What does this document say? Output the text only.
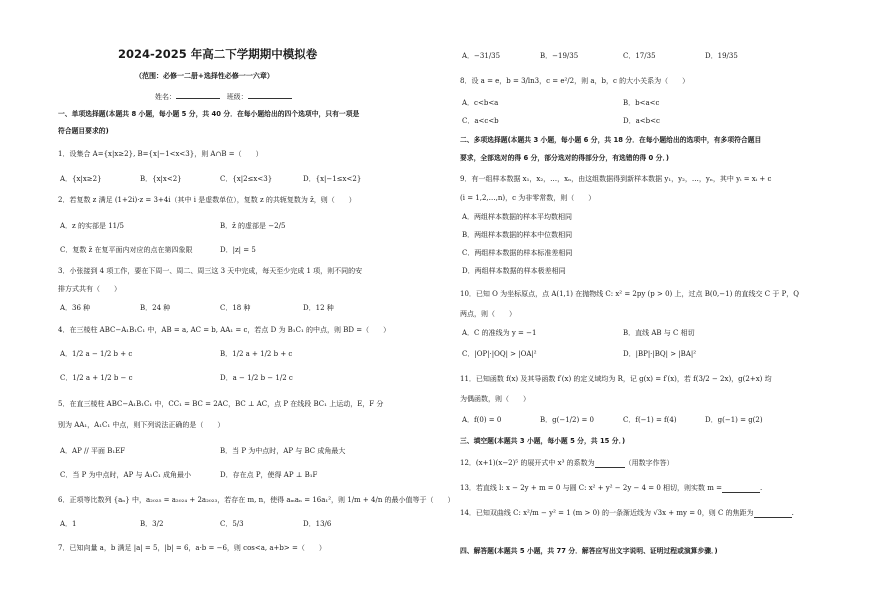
2024-2025 年高二下学期期中模拟卷
（范围：必修一二册+选择性必修一一六章）
姓名：	班级：
一、单项选择题(本题共 8 小题，每小题 5 分，共 40 分．在每小题给出的四个选项中，只有一项是
符合题目要求的)
1．设集合 A={x|x≥2}, B={x|−1<x<3}，则 A∩B =（　　）
A．{x|x≥2}	B．{x|x<2}	C．{x|2≤x<3}	D．{x|−1≤x<2}
2．若复数 z 满足 (1+2i)·z = 3+4i（其中 i 是虚数单位），复数 z 的共轭复数为 z̄，则（　　）
A．z 的实部是 11/5	B．z̄ 的虚部是 −2/5
C．复数 z̄ 在复平面内对应的点在第四象限	D．|z| = 5
3．小张接到 4 项工作，要在下周一、周二、周三这 3 天中完成，每天至少完成 1 项，则不同的安
排方式共有（　　）
A．36 种	B．24 种	C．18 种	D．12 种
4．在三棱柱 ABC−A₁B₁C₁ 中，AB = a, AC = b, AA₁ = c，若点 D 为 B₁C₁ 的中点，则 BD =（　　）
A．1/2 a − 1/2 b + c	B．1/2 a + 1/2 b + c
C．1/2 a + 1/2 b − c	D．a − 1/2 b − 1/2 c
5．在直三棱柱 ABC−A₁B₁C₁ 中，CC₁ = BC = 2AC，BC ⊥ AC，点 P 在线段 BC₁ 上运动，E，F 分
别为 AA₁，A₁C₁ 中点，则下列说法正确的是（　　）
A．AP // 平面 B₁EF	B．当 P 为中点时，AP 与 BC 成角最大
C．当 P 为中点时，AP 与 A₁C₁ 成角最小	D．存在点 P，使得 AP ⊥ B₁F
6．正项等比数列 {aₙ} 中，a₂₀₂₅ = a₂₀₂₄ + 2a₂₀₂₃，若存在 m, n，使得 aₘaₙ = 16a₁²，则 1/m + 4/n 的最小值等于（　　）
A．1	B．3/2	C．5/3	D．13/6
7．已知向量 a，b 满足 |a| = 5，|b| = 6，a·b = −6，则 cos<a, a+b> =（　　）
A．−31/35	B．−19/35	C．17/35	D．19/35
8．设 a = e，b = 3/ln3，c = e²/2，则 a，b，c 的大小关系为（　　）
A．c<b<a	B．b<a<c
C．a<c<b	D．a<b<c
二、多项选择题(本题共 3 小题，每小题 6 分，共 18 分．在每小题给出的选项中，有多项符合题目
要求，全部选对的得 6 分，部分选对的得部分分，有选错的得 0 分．)
9．有一组样本数据 x₁，x₂，…，xₙ，由这组数据得到新样本数据 y₁，y₂，…，yₙ，其中 yᵢ = xᵢ + c
(i = 1,2,…,n)，c 为非零常数，则（　　）
A．两组样本数据的样本平均数相同
B．两组样本数据的样本中位数相同
C．两组样本数据的样本标准差相同
D．两组样本数据的样本极差相同
10．已知 O 为坐标原点，点 A(1,1) 在抛物线 C: x² = 2py (p > 0) 上，过点 B(0,−1) 的直线交 C 于 P，Q
两点，则（　　）
A．C 的准线为 y = −1	B．直线 AB 与 C 相切
C．|OP|·|OQ| > |OA|²	D．|BP|·|BQ| > |BA|²
11．已知函数 f(x) 及其导函数 f′(x) 的定义域均为 R，记 g(x) = f′(x)，若 f(3/2 − 2x)，g(2+x) 均
为偶函数，则（　　）
A．f(0) = 0	B．g(−1/2) = 0	C．f(−1) = f(4)	D．g(−1) = g(2)
三、填空题(本题共 3 小题，每小题 5 分，共 15 分．)
12．(x+1)(x−2)⁵ 的展开式中 x³ 的系数为	（用数字作答）
13．若直线 l: x − 2y + m = 0 与圆 C: x² + y² − 2y − 4 = 0 相切，则实数 m =	.
14．已知双曲线 C: x²/m − y² = 1 (m > 0) 的一条渐近线为 √3x + my = 0，则 C 的焦距为	.
四、解答题(本题共 5 小题，共 77 分．解答应写出文字说明、证明过程或演算步骤．)
